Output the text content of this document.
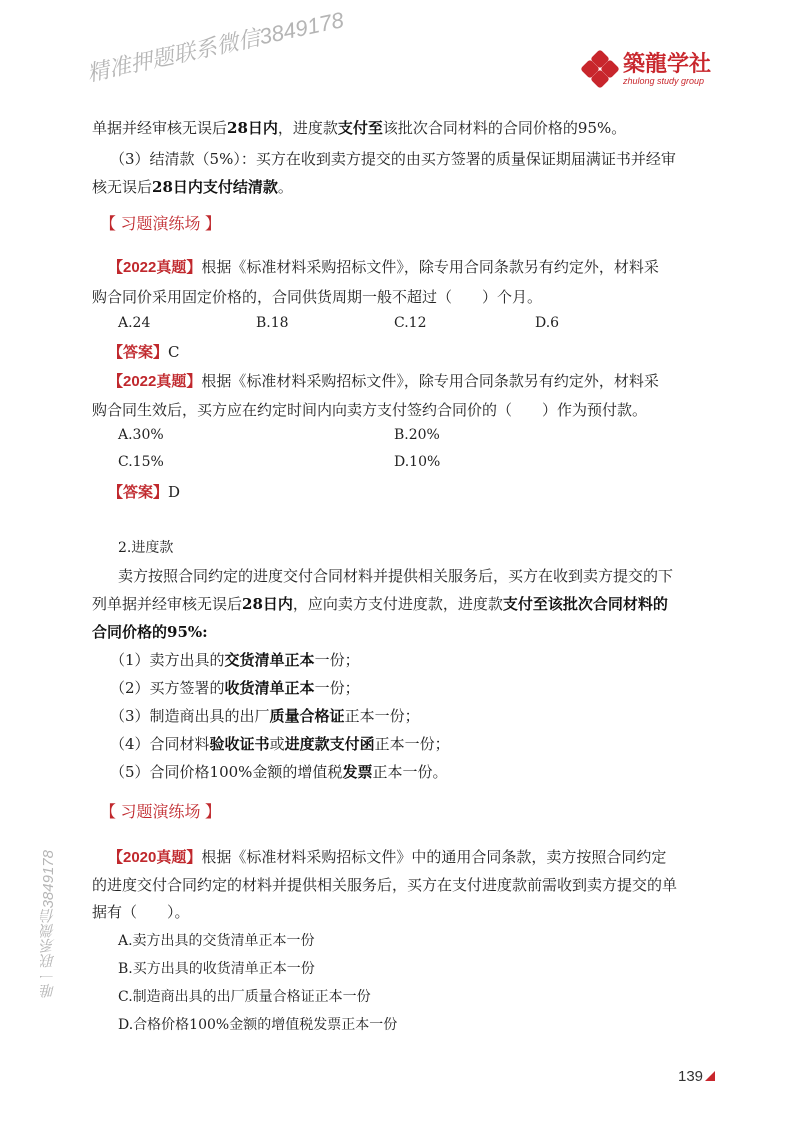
精准押题联系微信3849178
唯一联系微信3849178
築龍学社
zhulong study group
单据并经审核无误后28日内，进度款支付至该批次合同材料的合同价格的95%。
（3）结清款（5%）：买方在收到卖方提交的由买方签署的质量保证期届满证书并经审
核无误后28日内支付结清款。
【 习题演练场 】
【2022真题】根据《标准材料采购招标文件》，除专用合同条款另有约定外，材料采
购合同价采用固定价格的，合同供货周期一般不超过（　　）个月。
A.24	B.18	C.12	D.6
【答案】C
【2022真题】根据《标准材料采购招标文件》，除专用合同条款另有约定外，材料采
购合同生效后，买方应在约定时间内向卖方支付签约合同价的（　　）作为预付款。
A.30%	B.20%
C.15%	D.10%
【答案】D
2.进度款
卖方按照合同约定的进度交付合同材料并提供相关服务后，买方在收到卖方提交的下
列单据并经审核无误后28日内，应向卖方支付进度款，进度款支付至该批次合同材料的
合同价格的95%:
（1）卖方出具的交货清单正本一份；
（2）买方签署的收货清单正本一份；
（3）制造商出具的出厂质量合格证正本一份；
（4）合同材料验收证书或进度款支付函正本一份；
（5）合同价格100%金额的增值税发票正本一份。
【 习题演练场 】
【2020真题】根据《标准材料采购招标文件》中的通用合同条款，卖方按照合同约定
的进度交付合同约定的材料并提供相关服务后，买方在支付进度款前需收到卖方提交的单
据有（　　）。
A.卖方出具的交货清单正本一份
B.买方出具的收货清单正本一份
C.制造商出具的出厂质量合格证正本一份
D.合格价格100%金额的增值税发票正本一份
139
